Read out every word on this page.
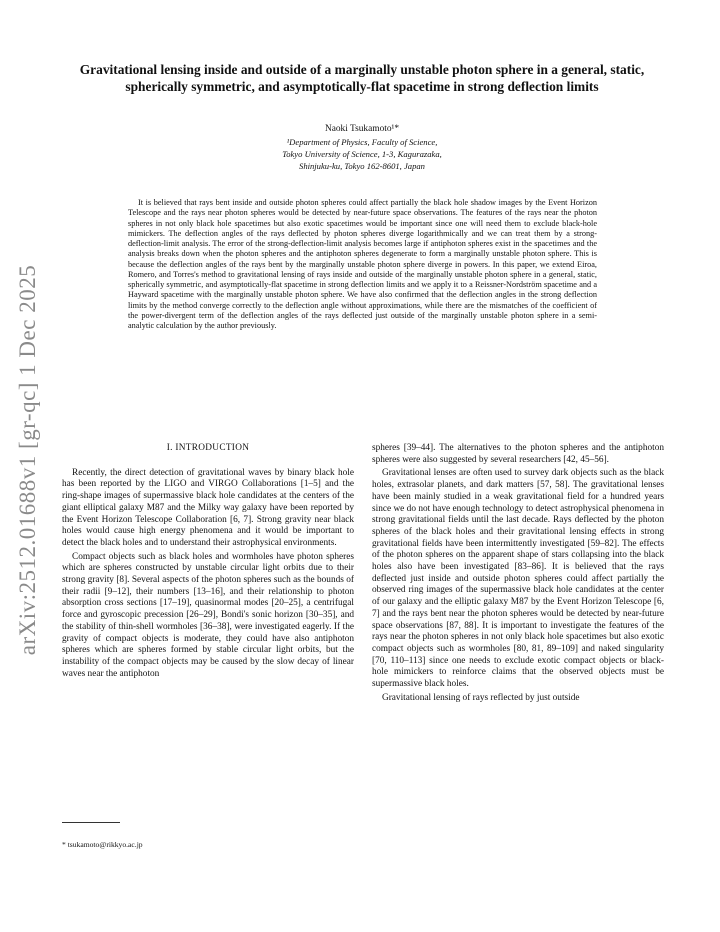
arXiv:2512.01688v1 [gr-qc] 1 Dec 2025
Gravitational lensing inside and outside of a marginally unstable photon sphere in a general, static, spherically symmetric, and asymptotically-flat spacetime in strong deflection limits
Naoki Tsukamoto¹*
¹Department of Physics, Faculty of Science,
Tokyo University of Science, 1-3, Kagurazaka,
Shinjuku-ku, Tokyo 162-8601, Japan
It is believed that rays bent inside and outside photon spheres could affect partially the black hole shadow images by the Event Horizon Telescope and the rays near photon spheres would be detected by near-future space observations. The features of the rays near the photon spheres in not only black hole spacetimes but also exotic spacetimes would be important since one will need them to exclude black-hole mimickers. The deflection angles of the rays deflected by photon spheres diverge logarithmically and we can treat them by a strong-deflection-limit analysis. The error of the strong-deflection-limit analysis becomes large if antiphoton spheres exist in the spacetimes and the analysis breaks down when the photon spheres and the antiphoton spheres degenerate to form a marginally unstable photon sphere. This is because the deflection angles of the rays bent by the marginally unstable photon sphere diverge in powers. In this paper, we extend Eiroa, Romero, and Torres's method to gravitational lensing of rays inside and outside of the marginally unstable photon sphere in a general, static, spherically symmetric, and asymptotically-flat spacetime in strong deflection limits and we apply it to a Reissner-Nordström spacetime and a Hayward spacetime with the marginally unstable photon sphere. We have also confirmed that the deflection angles in the strong deflection limits by the method converge correctly to the deflection angle without approximations, while there are the mismatches of the coefficient of the power-divergent term of the deflection angles of the rays deflected just outside of the marginally unstable photon sphere in a semi-analytic calculation by the author previously.
I. INTRODUCTION

Recently, the direct detection of gravitational waves by binary black hole has been reported by the LIGO and VIRGO Collaborations [1–5] and the ring-shape images of supermassive black hole candidates at the centers of the giant elliptical galaxy M87 and the Milky way galaxy have been reported by the Event Horizon Telescope Collaboration [6, 7]. Strong gravity near black holes would cause high energy phenomena and it would be important to detect the black holes and to understand their astrophysical environments.

Compact objects such as black holes and wormholes have photon spheres which are spheres constructed by unstable circular light orbits due to their strong gravity [8]. Several aspects of the photon spheres such as the bounds of their radii [9–12], their numbers [13–16], and their relationship to photon absorption cross sections [17–19], quasinormal modes [20–25], a centrifugal force and gyroscopic precession [26–29], Bondi's sonic horizon [30–35], and the stability of thin-shell wormholes [36–38], were investigated eagerly. If the gravity of compact objects is moderate, they could have also antiphoton spheres which are spheres formed by stable circular light orbits, but the instability of the compact objects may be caused by the slow decay of linear waves near the antiphoton

spheres [39–44]. The alternatives to the photon spheres and the antiphoton spheres were also suggested by several researchers [42, 45–56].

Gravitational lenses are often used to survey dark objects such as the black holes, extrasolar planets, and dark matters [57, 58]. The gravitational lenses have been mainly studied in a weak gravitational field for a hundred years since we do not have enough technology to detect astrophysical phenomena in strong gravitational fields until the last decade. Rays deflected by the photon spheres of the black holes and their gravitational lensing effects in strong gravitational fields have been intermittently investigated [59–82]. The effects of the photon spheres on the apparent shape of stars collapsing into the black holes also have been investigated [83–86]. It is believed that the rays deflected just inside and outside photon spheres could affect partially the observed ring images of the supermassive black hole candidates at the center of our galaxy and the elliptic galaxy M87 by the Event Horizon Telescope [6, 7] and the rays bent near the photon spheres would be detected by near-future space observations [87, 88]. It is important to investigate the features of the rays near the photon spheres in not only black hole spacetimes but also exotic compact objects such as wormholes [80, 81, 89–109] and naked singularity [70, 110–113] since one needs to exclude exotic compact objects or black-hole mimickers to reinforce claims that the observed objects must be supermassive black holes.

Gravitational lensing of rays reflected by just outside

* tsukamoto@rikkyo.ac.jp
